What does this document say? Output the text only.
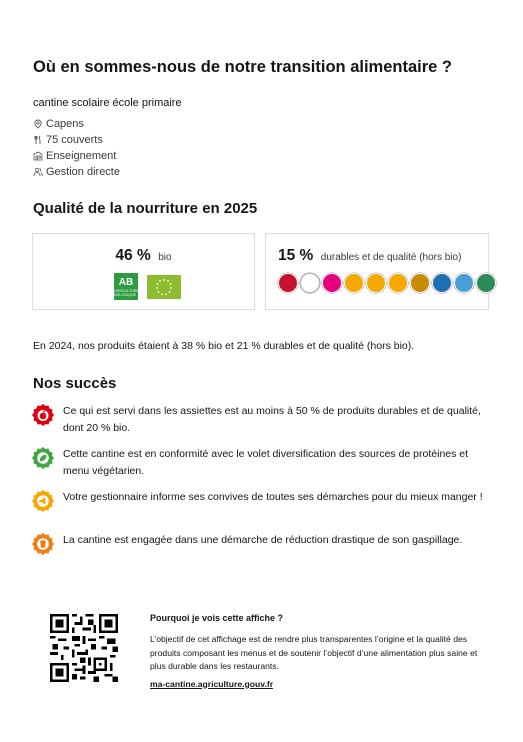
Où en sommes-nous de notre transition alimentaire ?

cantine scolaire école primaire

Capens
75 couverts
Enseignement
Gestion directe
Qualité de la nourriture en 2025
46 % bio
AB
AGRICULTURE BIOLOGIQUE
15 % durables et de qualité (hors bio)

En 2024, nos produits étaient à 38 % bio et 21 % durables et de qualité (hors bio).

Nos succès

Ce qui est servi dans les assiettes est au moins à 50 % de produits durables et de qualité, dont 20 % bio.

Cette cantine est en conformité avec le volet diversification des sources de protéines et menu végétarien.

Votre gestionnaire informe ses convives de toutes ses démarches pour du mieux manger !

La cantine est engagée dans une démarche de réduction drastique de son gaspillage.

Pourquoi je vois cette affiche ?

L’objectif de cet affichage est de rendre plus transparentes l’origine et la qualité des produits composant les menus et de soutenir l’objectif d’une alimentation plus saine et plus durable dans les restaurants.

ma-cantine.agriculture.gouv.fr
